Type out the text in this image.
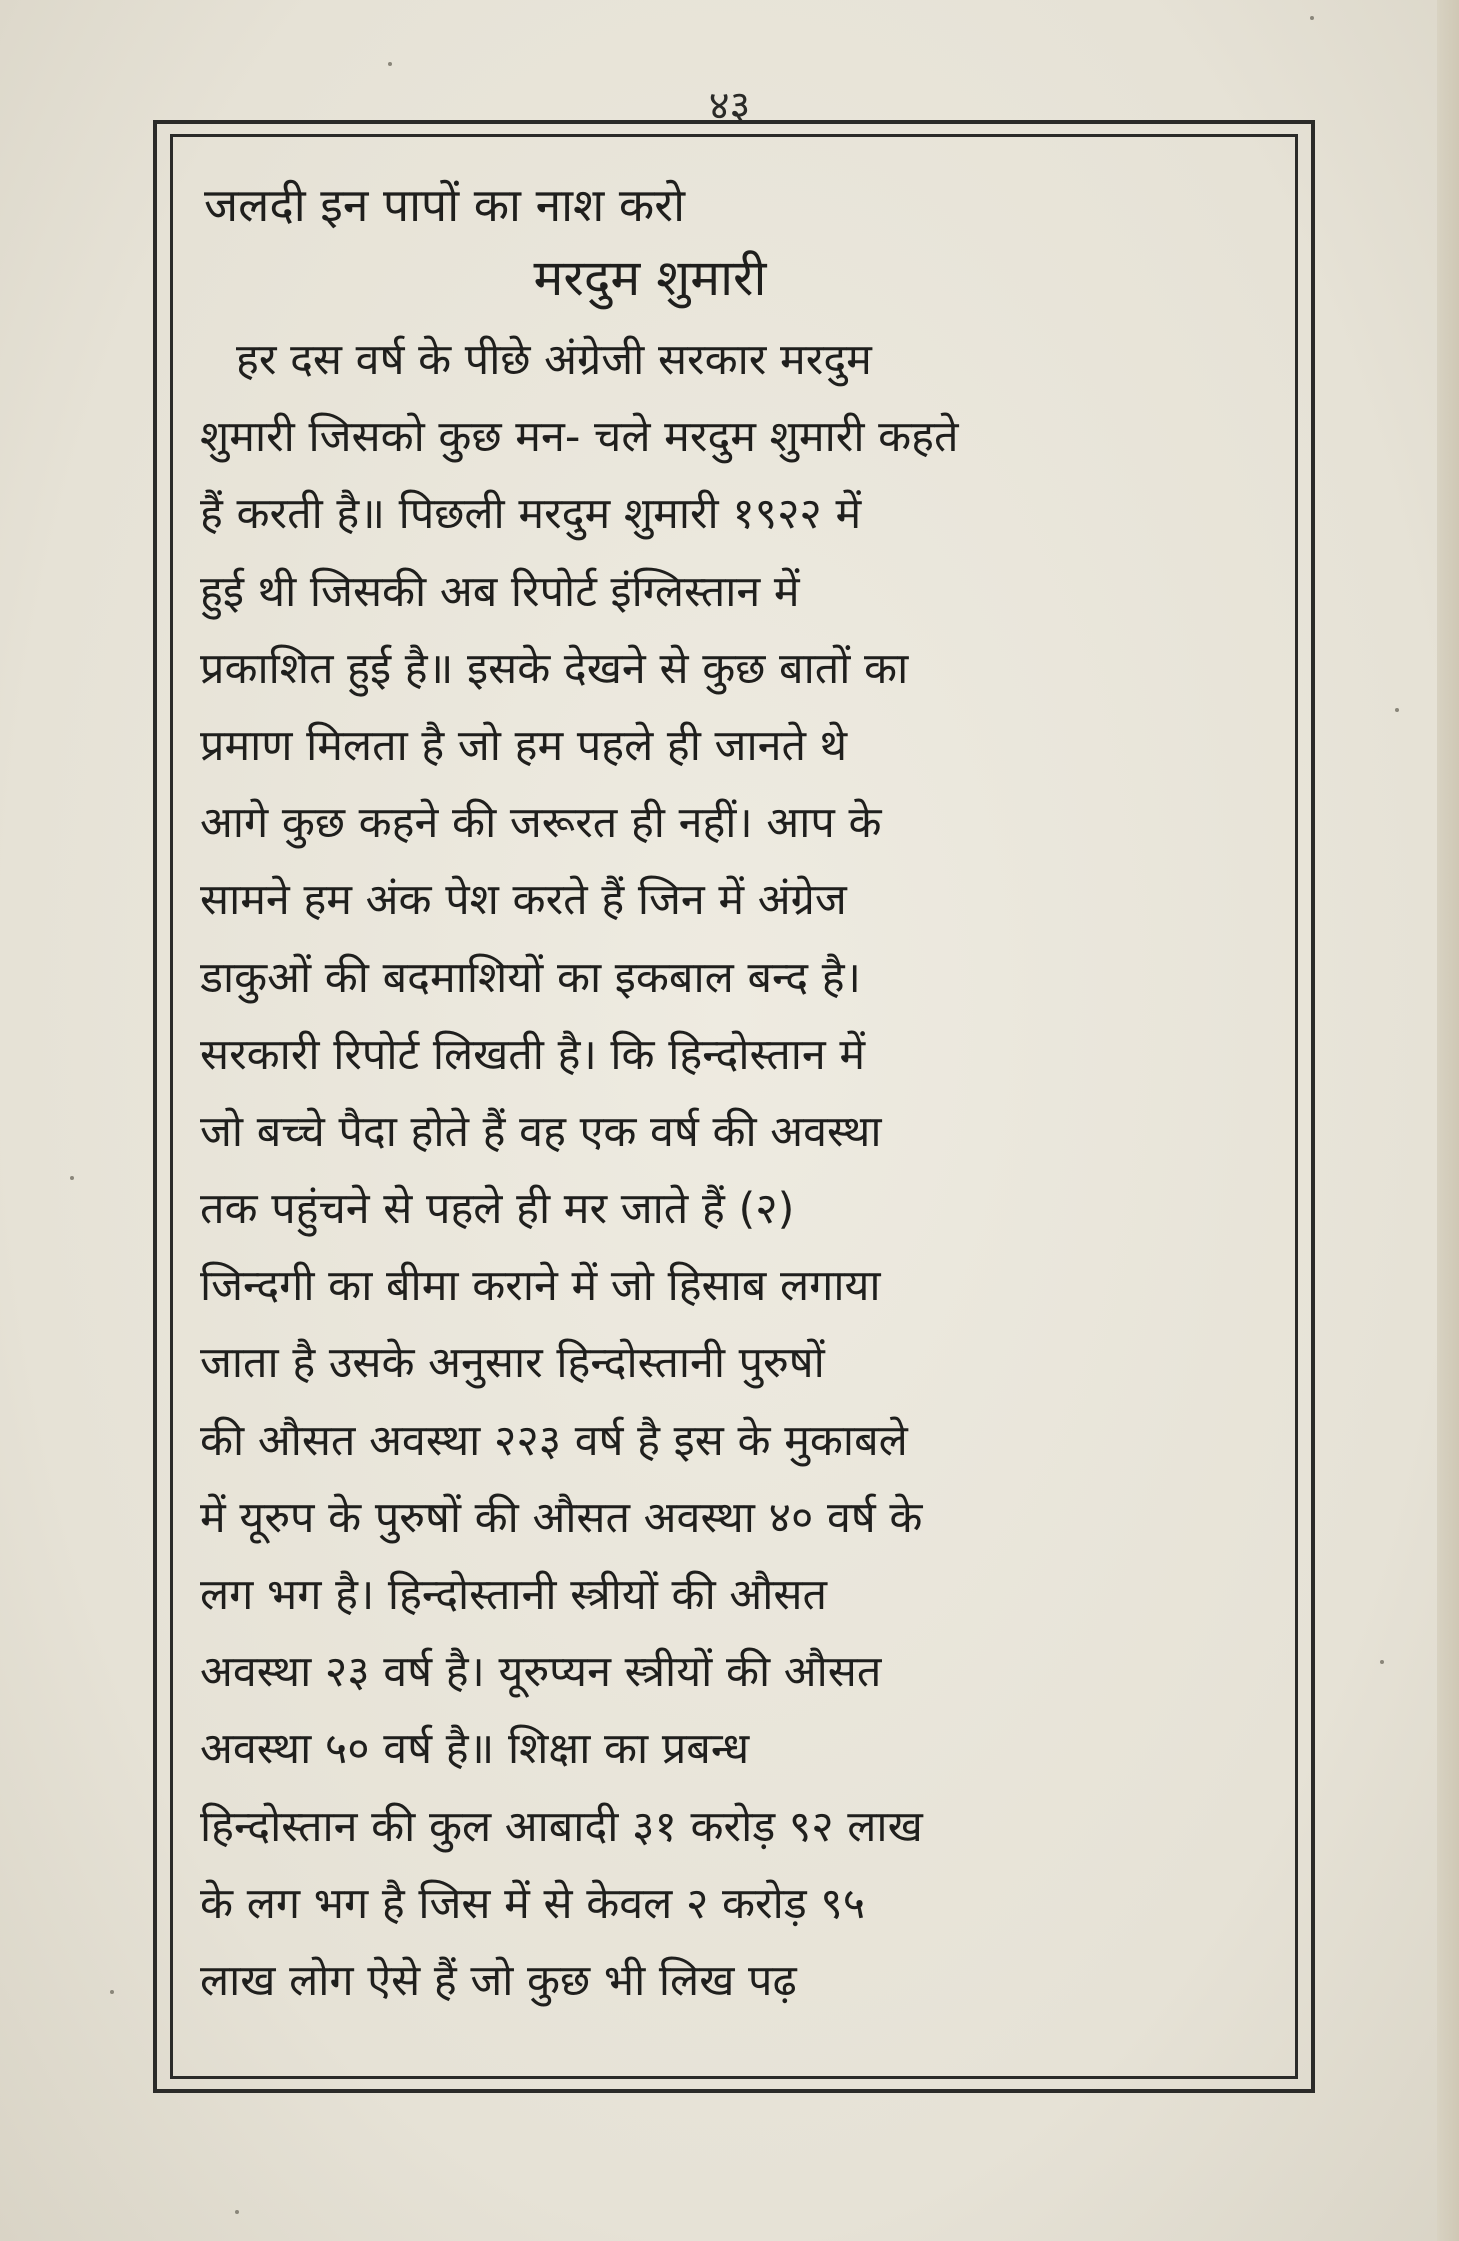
४३
जलदी इन पापों का नाश करो
मरदुम शुमारी
हर दस वर्ष के पीछे अंग्रेजी सरकार मरदुम
शुमारी जिसको कुछ मन- चले मरदुम शुमारी कहते
हैं करती है॥ पिछली मरदुम शुमारी १९२२ में
हुई थी जिसकी अब रिपोर्ट इंग्लिस्तान में
प्रकाशित हुई है॥ इसके देखने से कुछ बातों का
प्रमाण मिलता है जो हम पहले ही जानते थे
आगे कुछ कहने की जरूरत ही नहीं। आप के
सामने हम अंक पेश करते हैं जिन में अंग्रेज
डाकुओं की बदमाशियों का इकबाल बन्द है।
सरकारी रिपोर्ट लिखती है। कि हिन्दोस्तान में
जो बच्चे पैदा होते हैं वह एक वर्ष की अवस्था
तक पहुंचने से पहले ही मर जाते हैं (२)
जिन्दगी का बीमा कराने में जो हिसाब लगाया
जाता है उसके अनुसार हिन्दोस्तानी पुरुषों
की औसत अवस्था २२३ वर्ष है इस के मुकाबले
में यूरुप के पुरुषों की औसत अवस्था ४० वर्ष के
लग भग है। हिन्दोस्तानी स्त्रीयों की औसत
अवस्था २३ वर्ष है। यूरुप्यन स्त्रीयों की औसत
अवस्था ५० वर्ष है॥ शिक्षा का प्रबन्ध
हिन्दोस्तान की कुल आबादी ३१ करोड़ ९२ लाख
के लग भग है जिस में से केवल २ करोड़ ९५
लाख लोग ऐसे हैं जो कुछ भी लिख पढ़
